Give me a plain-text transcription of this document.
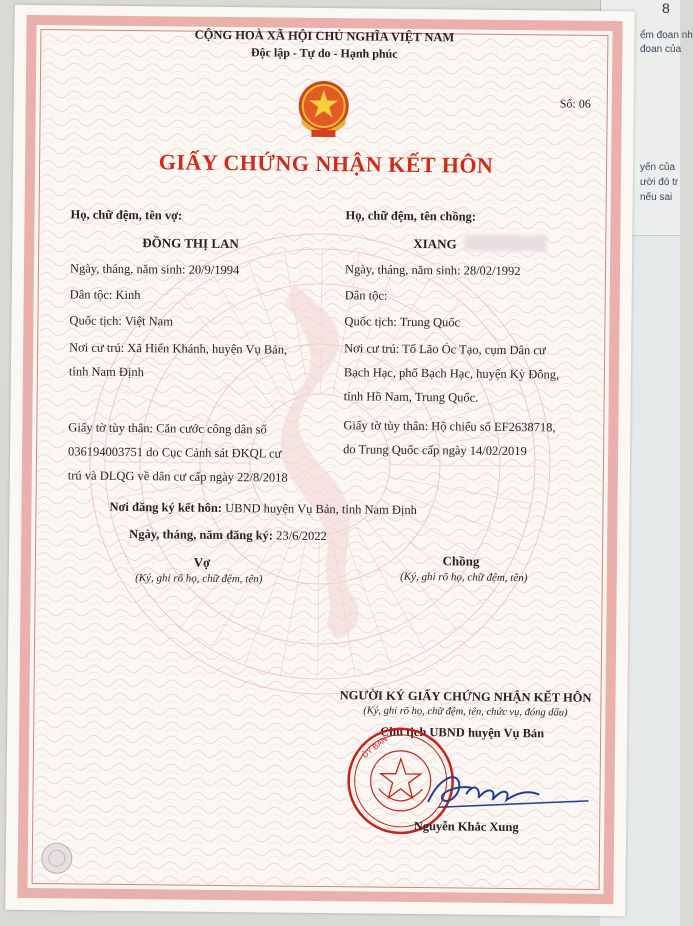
8
ểm đoan nh
đoan của
yến của
ười đó tr
nếu sai
CỘNG HOÀ XÃ HỘI CHỦ NGHĨA VIỆT NAM
Độc lập - Tự do - Hạnh phúc
Số: 06
GIẤY CHỨNG NHẬN KẾT HÔN
Họ, chữ đệm, tên vợ:
ĐỒNG THỊ LAN
Ngày, tháng, năm sinh: 20/9/1994
Dân tộc: Kinh
Quốc tịch: Việt Nam
Nơi cư trú: Xã Hiển Khánh, huyện Vụ Bản,
tỉnh Nam Định
Giấy tờ tùy thân: Căn cước công dân số
036194003751 do Cục Cảnh sát ĐKQL cư
trú và DLQG về dân cư cấp ngày 22/8/2018
Họ, chữ đệm, tên chồng:
XIANG
Ngày, tháng, năm sinh: 28/02/1992
Dân tộc:
Quốc tịch: Trung Quốc
Nơi cư trú: Tổ Lão Óc Tạo, cụm Dân cư
Bạch Hạc, phố Bạch Hạc, huyện Kỳ Đông,
tỉnh Hồ Nam, Trung Quốc.
Giấy tờ tùy thân: Hộ chiếu số EF2638718,
do Trung Quốc cấp ngày 14/02/2019
Nơi đăng ký kết hôn: UBND huyện Vụ Bản, tỉnh Nam Định
Ngày, tháng, năm đăng ký: 23/6/2022
Vợ
(Ký, ghi rõ họ, chữ đệm, tên)
Chồng
(Ký, ghi rõ họ, chữ đệm, tên)
NGƯỜI KÝ GIẤY CHỨNG NHẬN KẾT HÔN
(Ký, ghi rõ họ, chữ đệm, tên, chức vụ, đóng dấu)
Chủ tịch UBND huyện Vụ Bản
ỦY BAN
Nguyễn Khắc Xung
